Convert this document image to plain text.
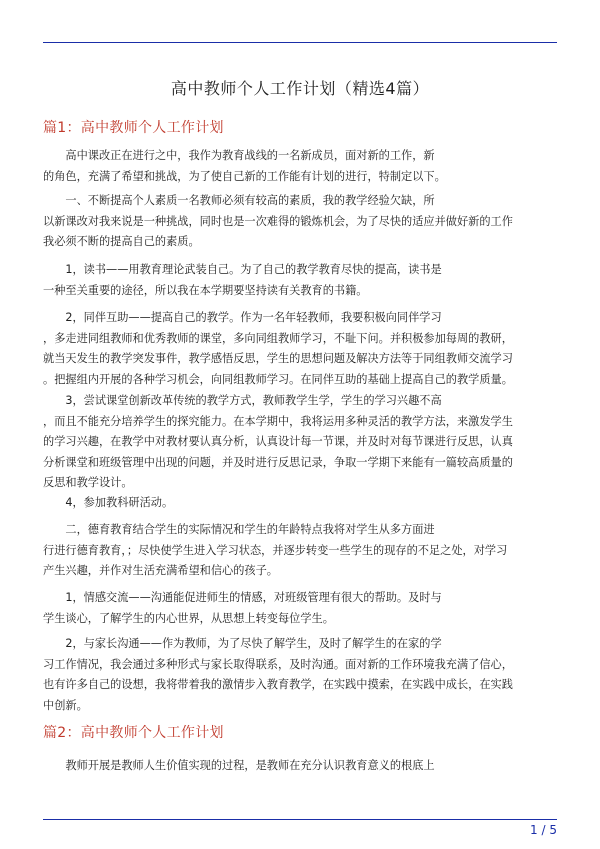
高中教师个人工作计划（精选4篇）
篇1：高中教师个人工作计划
　　高中课改正在进行之中，我作为教育战线的一名新成员，面对新的工作，新
的角色，充满了希望和挑战，为了使自己新的工作能有计划的进行，特制定以下。
　　一、不断提高个人素质一名教师必须有较高的素质，我的教学经验欠缺，所
以新课改对我来说是一种挑战，同时也是一次难得的锻炼机会，为了尽快的适应并做好新的工作
我必须不断的提高自己的素质。
　　1，读书——用教育理论武装自己。为了自己的教学教育尽快的提高，读书是
一种至关重要的途径，所以我在本学期要坚持读有关教育的书籍。
　　2，同伴互助——提高自己的教学。作为一名年轻教师，我要积极向同伴学习
，多走进同组教师和优秀教师的课堂，多向同组教师学习，不耻下问。并积极参加每周的教研，
就当天发生的教学突发事件，教学感悟反思，学生的思想问题及解决方法等于同组教师交流学习
。把握组内开展的各种学习机会，向同组教师学习。在同伴互助的基础上提高自己的教学质量。
　　3，尝试课堂创新改革传统的教学方式，教师教学生学，学生的学习兴趣不高
，而且不能充分培养学生的探究能力。在本学期中，我将运用多种灵活的教学方法，来激发学生
的学习兴趣，在教学中对教材要认真分析，认真设计每一节课，并及时对每节课进行反思，认真
分析课堂和班级管理中出现的问题，并及时进行反思记录，争取一学期下来能有一篇较高质量的
反思和教学设计。
　　4，参加教科研活动。
　　二，德育教育结合学生的实际情况和学生的年龄特点我将对学生从多方面进
行进行德育教育，；尽快使学生进入学习状态，并逐步转变一些学生的现存的不足之处，对学习
产生兴趣，并作对生活充满希望和信心的孩子。
　　1，情感交流——沟通能促进师生的情感，对班级管理有很大的帮助。及时与
学生谈心，了解学生的内心世界，从思想上转变每位学生。
　　2，与家长沟通——作为教师，为了尽快了解学生，及时了解学生的在家的学
习工作情况，我会通过多种形式与家长取得联系，及时沟通。面对新的工作环境我充满了信心，
也有许多自己的设想，我将带着我的激情步入教育教学，在实践中摸索，在实践中成长，在实践
中创新。
篇2：高中教师个人工作计划
　　教师开展是教师人生价值实现的过程，是教师在充分认识教育意义的根底上
1 / 5
